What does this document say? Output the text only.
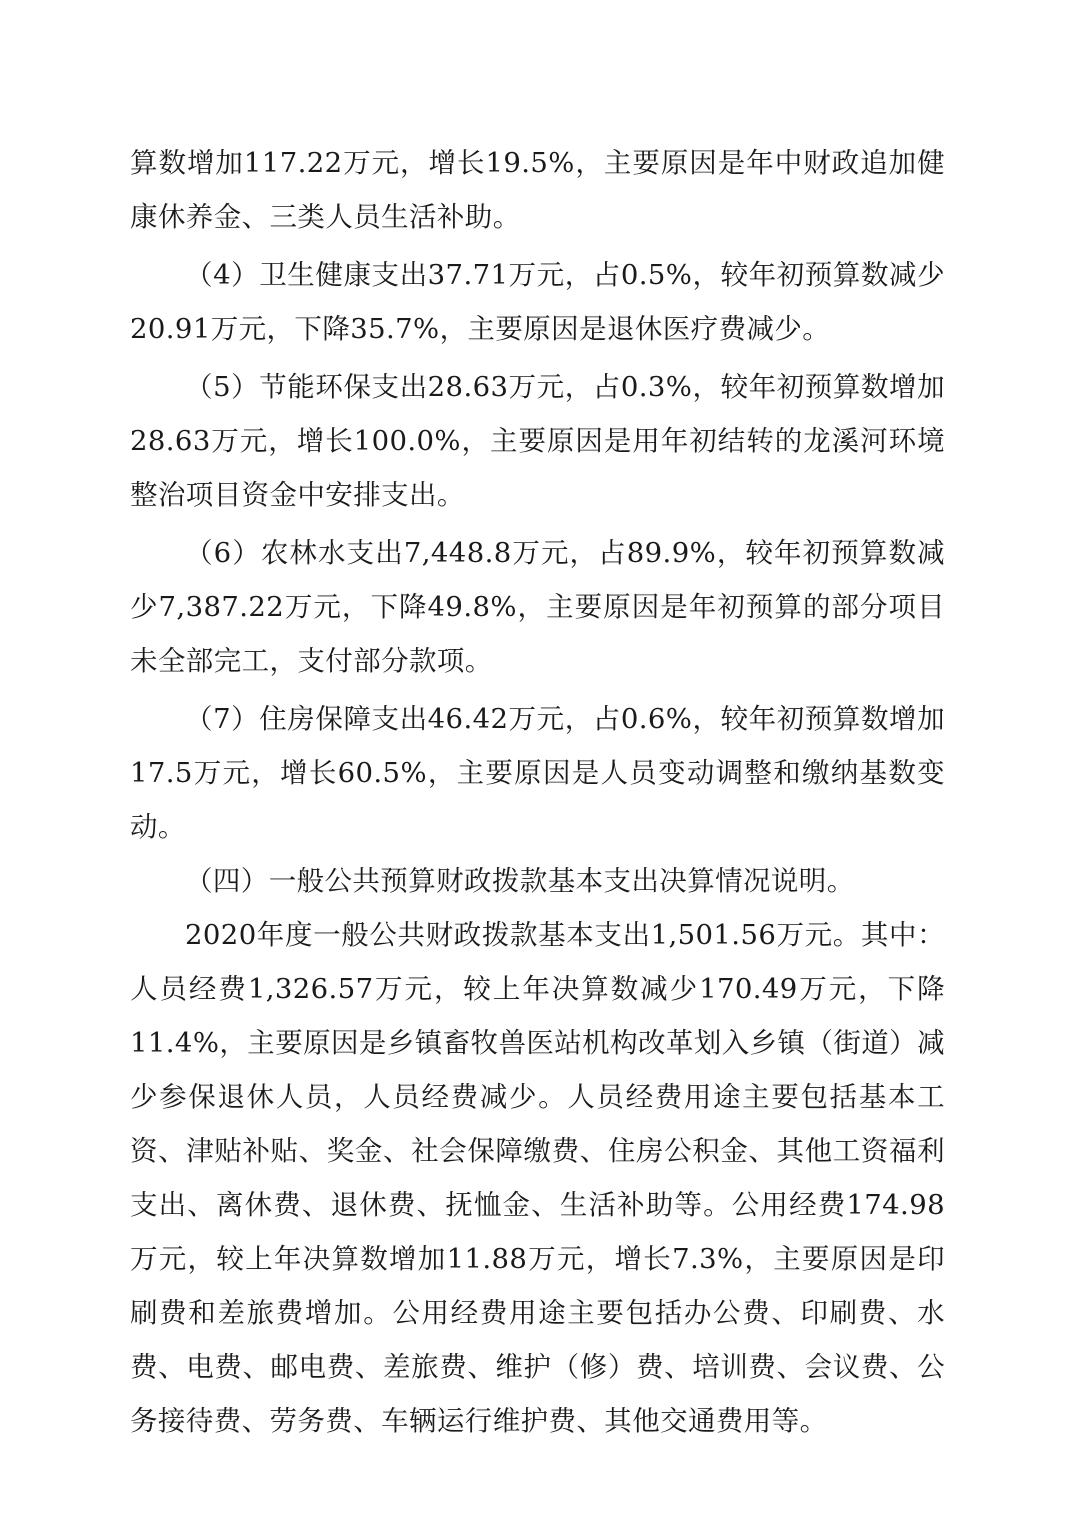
算数增加117.22万元，增长19.5%，主要原因是年中财政追加健康休养金、三类人员生活补助。

（4）卫生健康支出37.71万元，占0.5%，较年初预算数减少20.91万元，下降35.7%，主要原因是退休医疗费减少。

（5）节能环保支出28.63万元，占0.3%，较年初预算数增加28.63万元，增长100.0%，主要原因是用年初结转的龙溪河环境整治项目资金中安排支出。

（6）农林水支出7,448.8万元，占89.9%，较年初预算数减少7,387.22万元，下降49.8%，主要原因是年初预算的部分项目未全部完工，支付部分款项。

（7）住房保障支出46.42万元，占0.6%，较年初预算数增加17.5万元，增长60.5%，主要原因是人员变动调整和缴纳基数变动。

（四）一般公共预算财政拨款基本支出决算情况说明。

2020年度一般公共财政拨款基本支出1,501.56万元。其中：人员经费1,326.57万元，较上年决算数减少170.49万元，下降11.4%，主要原因是乡镇畜牧兽医站机构改革划入乡镇（街道）减少参保退休人员，人员经费减少。人员经费用途主要包括基本工资、津贴补贴、奖金、社会保障缴费、住房公积金、其他工资福利支出、离休费、退休费、抚恤金、生活补助等。公用经费174.98万元，较上年决算数增加11.88万元，增长7.3%，主要原因是印刷费和差旅费增加。公用经费用途主要包括办公费、印刷费、水费、电费、邮电费、差旅费、维护（修）费、培训费、会议费、公务接待费、劳务费、车辆运行维护费、其他交通费用等。
